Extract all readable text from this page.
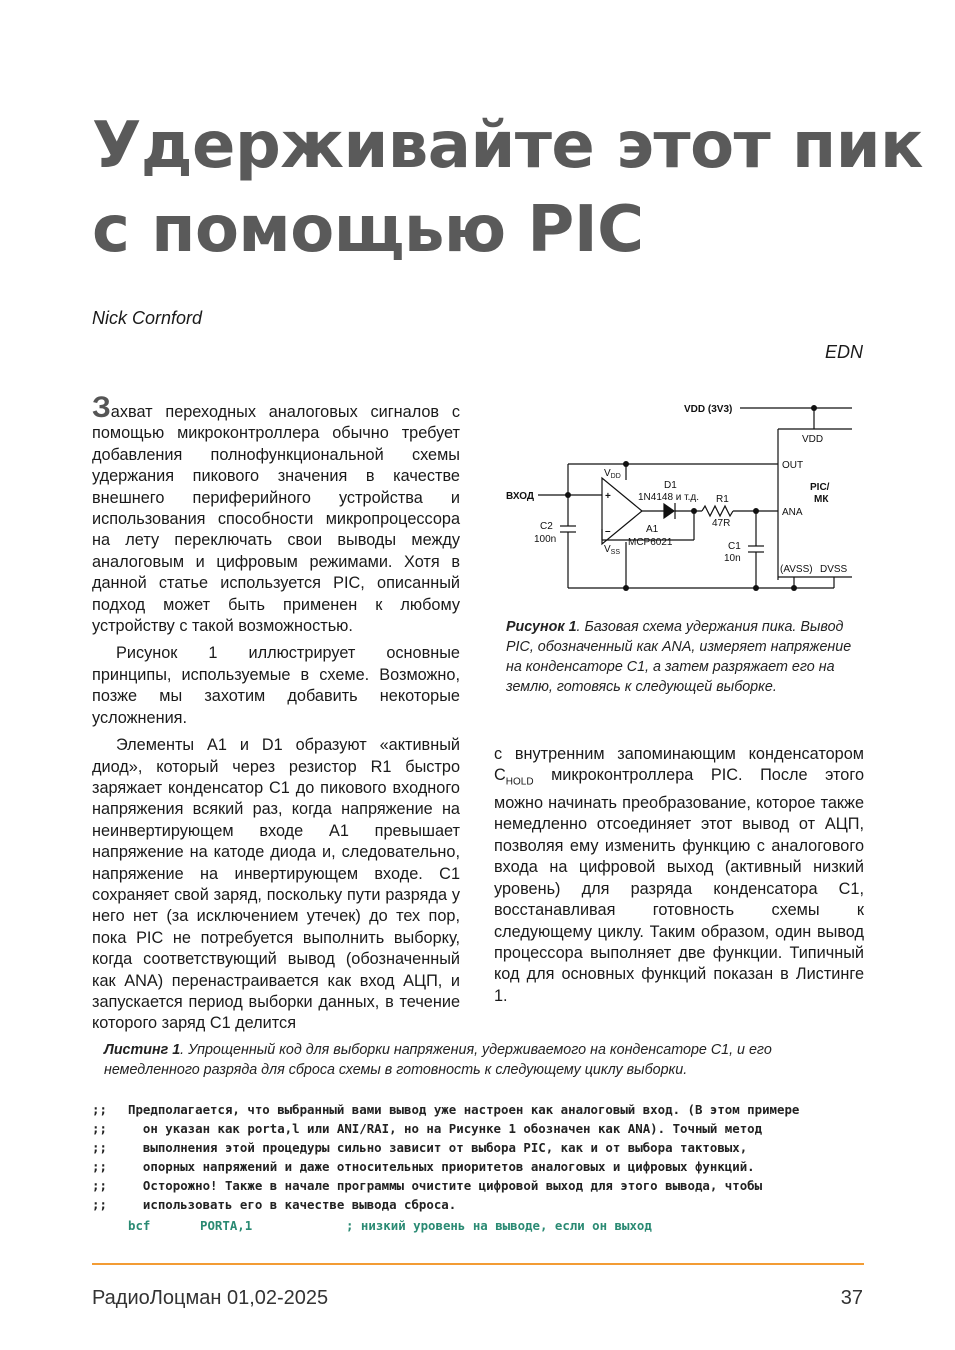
Удерживайте этот пик
с помощью PIC
Nick Cornford
EDN

Захват переходных аналоговых сигналов с помощью микроконтроллера обычно требует добавления полнофункциональной схемы удержания пикового значения в качестве внешнего периферийного устройства и использования способности микропроцессора на лету переключать свои выводы между аналоговым и цифровым режимами. Хотя в данной статье используется PIC, описанный подход может быть применен к любому устройству с такой возможностью.

Рисунок 1 иллюстрирует основные принципы, используемые в схеме. Возможно, позже мы захотим добавить некоторые усложнения.

Элементы А1 и D1 образуют «активный диод», который через резистор R1 быстро заряжает конденсатор C1 до пикового входного напряжения всякий раз, когда напряжение на неинвертирующем входе А1 превышает напряжение на катоде диода и, следовательно, напряжение на инвертирующем входе. C1 сохраняет свой заряд, поскольку пути разряда у него нет (за исключением утечек) до тех пор, пока PIC не потребуется выполнить выборку, когда соответствующий вывод (обозначенный как ANA) перенастраивается как вход АЦП, и запускается период выборки данных, в течение которого заряд C1 делится

VDD (3V3)
VDD
OUT
PIC/
МК
ANA
(AVSS) DVSS
ВХОД
C2
100n
$V_{DD}$
$V_{SS}$
+
–
D1
1N4148 и т.д.
A1
MCP6021
R1
47R
C1
10n
Рисунок 1. Базовая схема удержания пика. Вывод PIC, обозначенный как ANA, измеряет напряжение на конденсаторе C1, а затем разряжает его на землю, готовясь к следующей выборке.

с внутренним запоминающим конденсатором $C_{HOLD}$ микроконтроллера PIC. После этого можно начинать преобразование, которое также немедленно отсоединяет этот вывод от АЦП, позволяя ему изменить функцию с аналогового входа на цифровой выход (активный низкий уровень) для разряда конденсатора C1, восстанавливая готовность схемы к следующему циклу. Таким образом, один вывод процессора выполняет две функции. Типичный код для основных функций показан в Листинге 1.

Листинг 1. Упрощенный код для выборки напряжения, удерживаемого на конденсаторе C1, и его немедленного разряда для сброса схемы в готовность к следующему циклу выборки.
;;	Предполагается, что выбранный вами вывод уже настроен как аналоговый вход. (В этом примере
;;	он указан как porta,l или ANI/RAI, но на Рисунке 1 обозначен как ANA). Точный метод
;;	выполнения этой процедуры сильно зависит от выбора PIC, как и от выбора тактовых,
;;	опорных напряжений и даже относительных приоритетов аналоговых и цифровых функций.
;;	Осторожно! Также в начале программы очистите цифровой выход для этого вывода, чтобы
;;	использовать его в качестве вывода сброса.
bcf	PORTA,1	; низкий уровень на выводе, если он выход
РадиоЛоцман 01,02-2025	37
